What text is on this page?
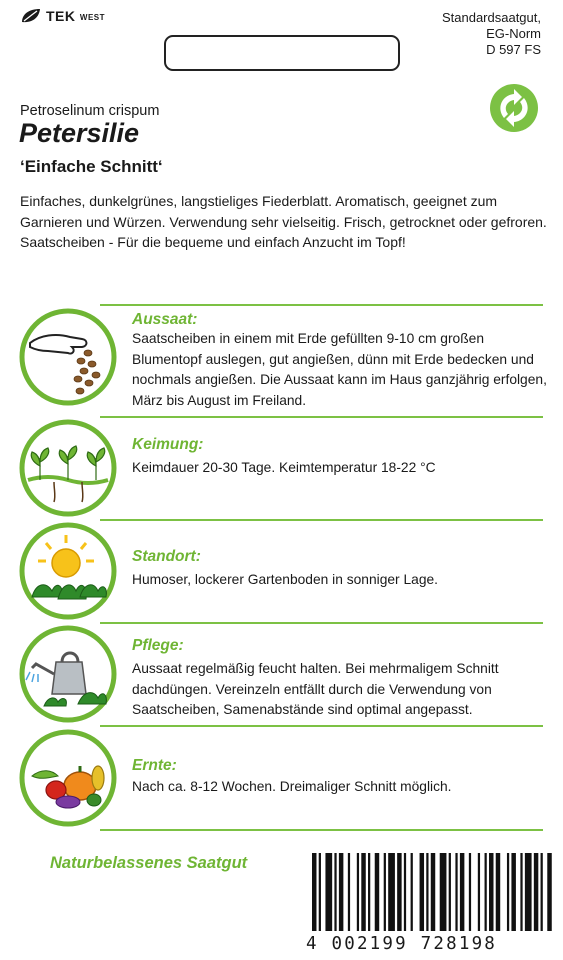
TEK WEST	Standardsaatgut,
EG-Norm
D 597 FS
Petroselinum crispum
Petersilie
‘Einfache Schnitt‘
Einfaches, dunkelgrünes, langstieliges Fiederblatt. Aromatisch, geeignet zum Garnieren und Würzen. Verwendung sehr vielseitig. Frisch, getrocknet oder gefroren. Saatscheiben - Für die bequeme und einfach Anzucht im Topf!
Aussaat:
Saatscheiben in einem mit Erde gefüllten 9-10 cm großen Blumentopf auslegen, gut angießen, dünn mit Erde bedecken und nochmals angießen. Die Aussaat kann im Haus ganzjährig erfolgen, März bis August im Freiland.
Keimung:
Keimdauer 20-30 Tage. Keimtemperatur 18-22 °C
Standort:
Humoser, lockerer Gartenboden in sonniger Lage.
Pflege:
Aussaat regelmäßig feucht halten. Bei mehrmaligem Schnitt dachdüngen. Vereinzeln entfällt durch die Verwendung von Saatscheiben, Samenabstände sind optimal angepasst.
Ernte:
Nach ca. 8-12 Wochen. Dreimaliger Schnitt möglich.
Naturbelassenes Saatgut
4 002199 728198
